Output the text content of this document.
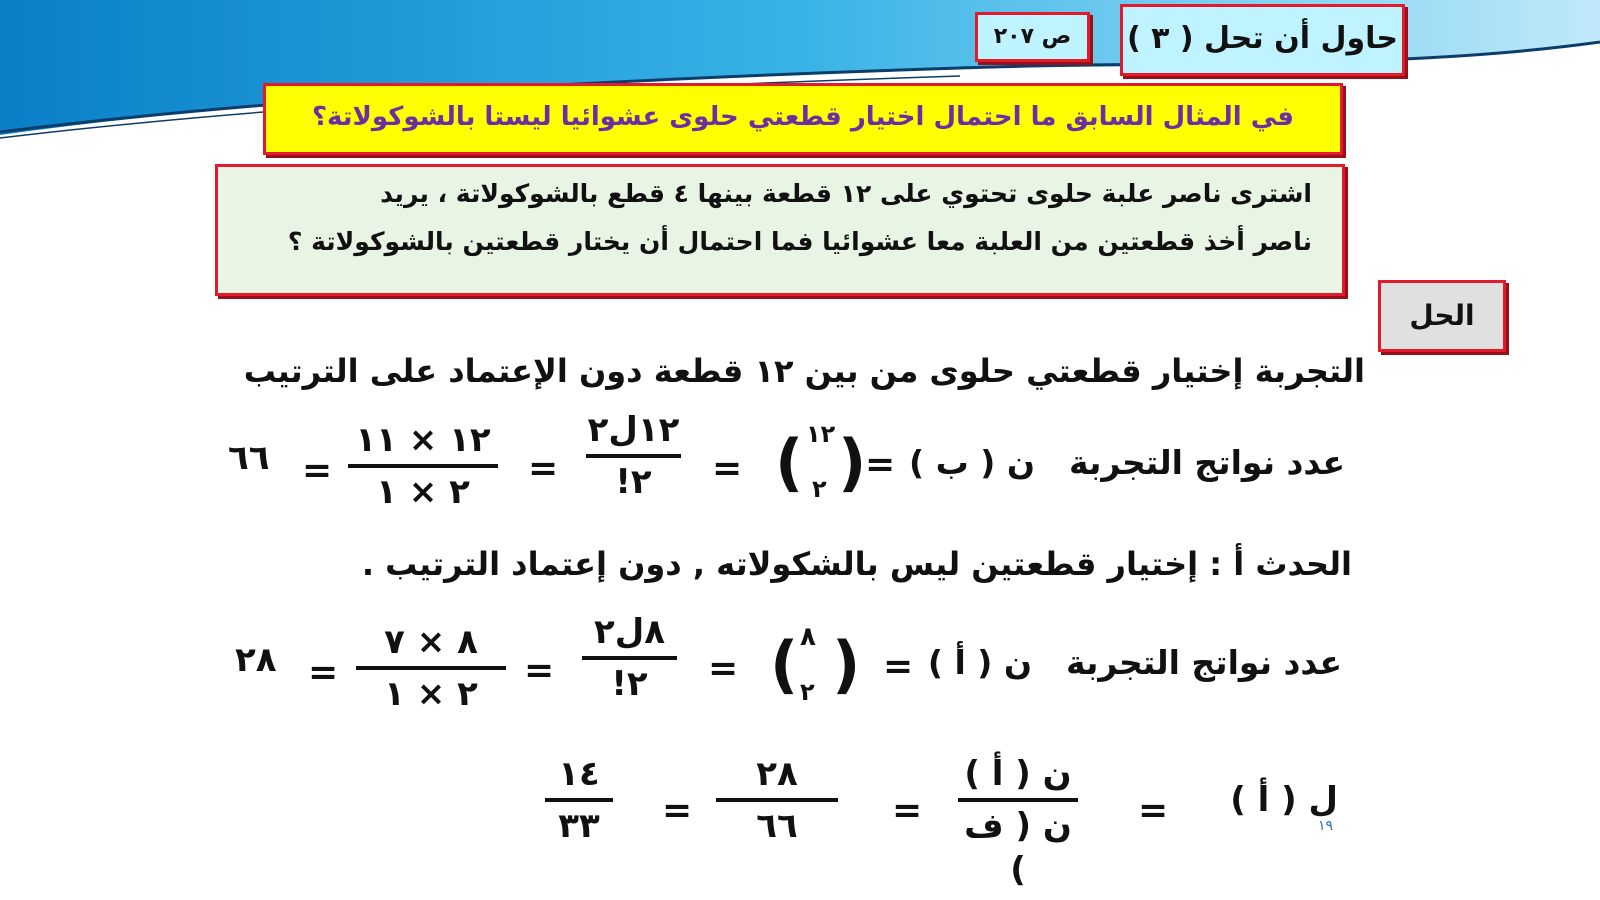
ص ٢٠٧	حاول أن تحل ( ٣ )
في المثال السابق ما احتمال اختيار قطعتي حلوى عشوائيا ليستا بالشوكولاتة؟
اشترى ناصر علبة حلوى تحتوي على ١٢ قطعة بينها ٤ قطع بالشوكولاتة ، يريد
ناصر أخذ قطعتين من العلبة معا عشوائيا فما احتمال أن يختار قطعتين بالشوكولاتة ؟
الحل
التجربة إختيار قطعتي حلوى من بين ١٢ قطعة دون الإعتماد على الترتيب
عدد نواتج التجربة
ن ( ب )
=
)
١٢
٢
(
=
١٢ل٢
٢!
=
١٢ × ١١
٢ × ١
=
٦٦
الحدث أ : إختيار قطعتين ليس بالشكولاته , دون إعتماد الترتيب .
عدد نواتج التجربة
ن ( أ )
=
)
٨
٢
(
=
٨ل٢
٢!
=
٨ × ٧
٢ × ١
=
٢٨
ل ( أ )
١٩
=
ن ( أ )
ن ( ف )
=
٢٨
٦٦
=
١٤
٣٣
